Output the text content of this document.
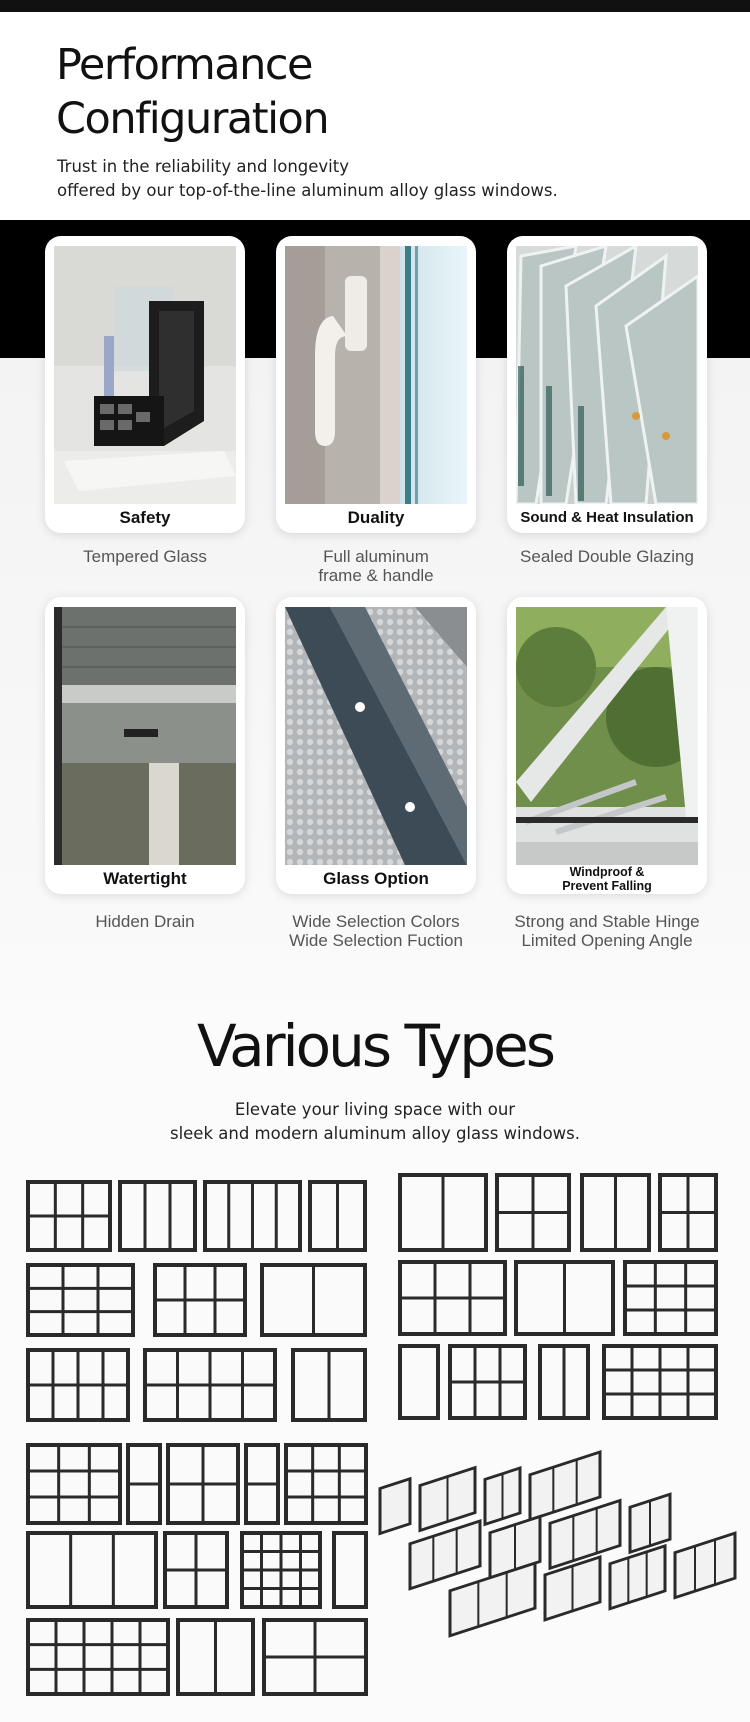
Performance
Configuration

Trust in the reliability and longevity
offered by our top-of-the-line aluminum alloy glass windows.

Safety
Tempered Glass
Duality
Full aluminum
frame & handle
Sound & Heat Insulation
Sealed Double Glazing
Watertight
Hidden Drain
Glass Option
Wide Selection Colors
Wide Selection Fuction
Windproof &
Prevent Falling
Strong and Stable Hinge
Limited Opening Angle
Various Types

Elevate your living space with our
sleek and modern aluminum alloy glass windows.
